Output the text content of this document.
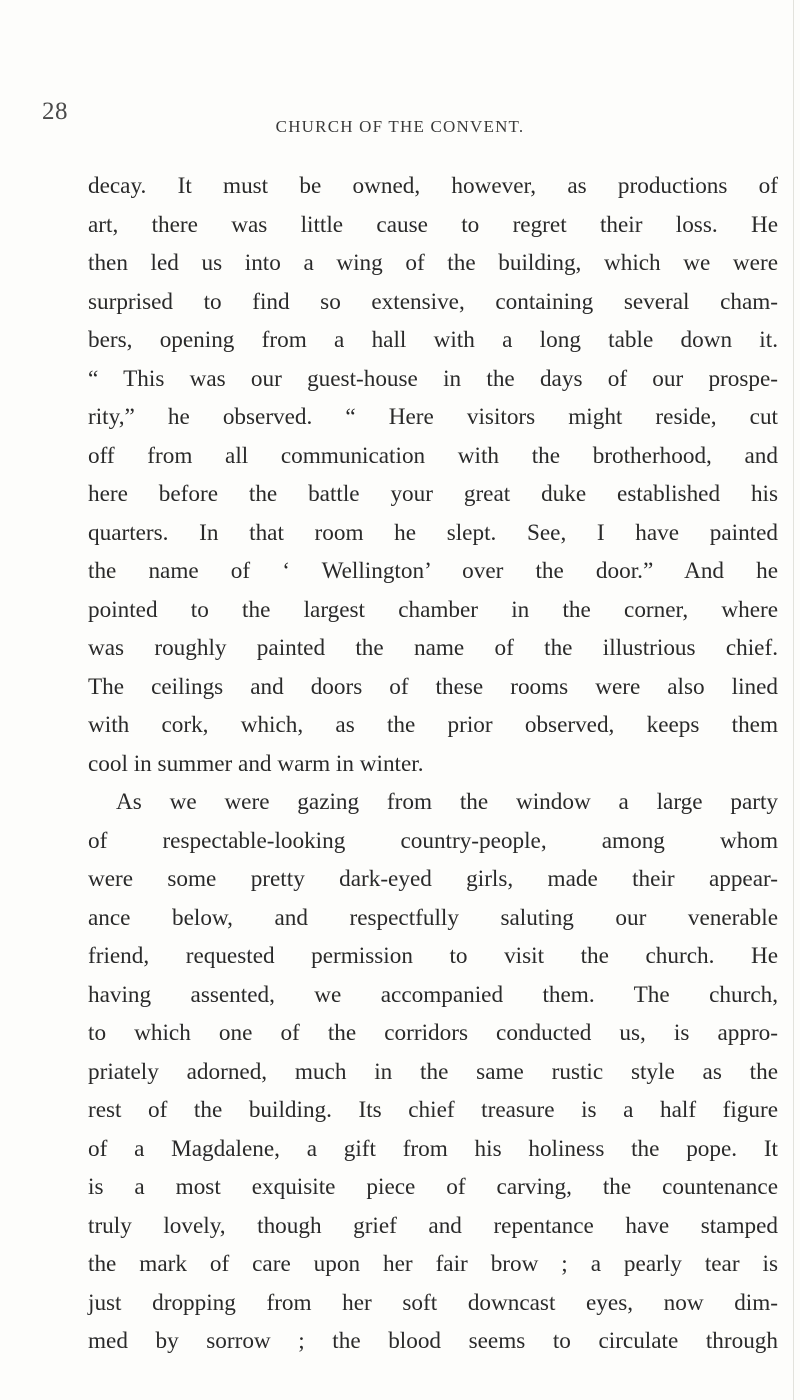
28
CHURCH OF THE CONVENT.
decay. It must be owned, however, as productions of
art, there was little cause to regret their loss. He
then led us into a wing of the building, which we were
surprised to find so extensive, containing several cham-
bers, opening from a hall with a long table down it.
“ This was our guest-house in the days of our prospe-
rity,” he observed. “ Here visitors might reside, cut
off from all communication with the brotherhood, and
here before the battle your great duke established his
quarters. In that room he slept. See, I have painted
the name of ‘ Wellington’ over the door.” And he
pointed to the largest chamber in the corner, where
was roughly painted the name of the illustrious chief.
The ceilings and doors of these rooms were also lined
with cork, which, as the prior observed, keeps them
cool in summer and warm in winter.
As we were gazing from the window a large party
of respectable-looking country-people, among whom
were some pretty dark-eyed girls, made their appear-
ance below, and respectfully saluting our venerable
friend, requested permission to visit the church. He
having assented, we accompanied them. The church,
to which one of the corridors conducted us, is appro-
priately adorned, much in the same rustic style as the
rest of the building. Its chief treasure is a half figure
of a Magdalene, a gift from his holiness the pope. It
is a most exquisite piece of carving, the countenance
truly lovely, though grief and repentance have stamped
the mark of care upon her fair brow ; a pearly tear is
just dropping from her soft downcast eyes, now dim-
med by sorrow ; the blood seems to circulate through
